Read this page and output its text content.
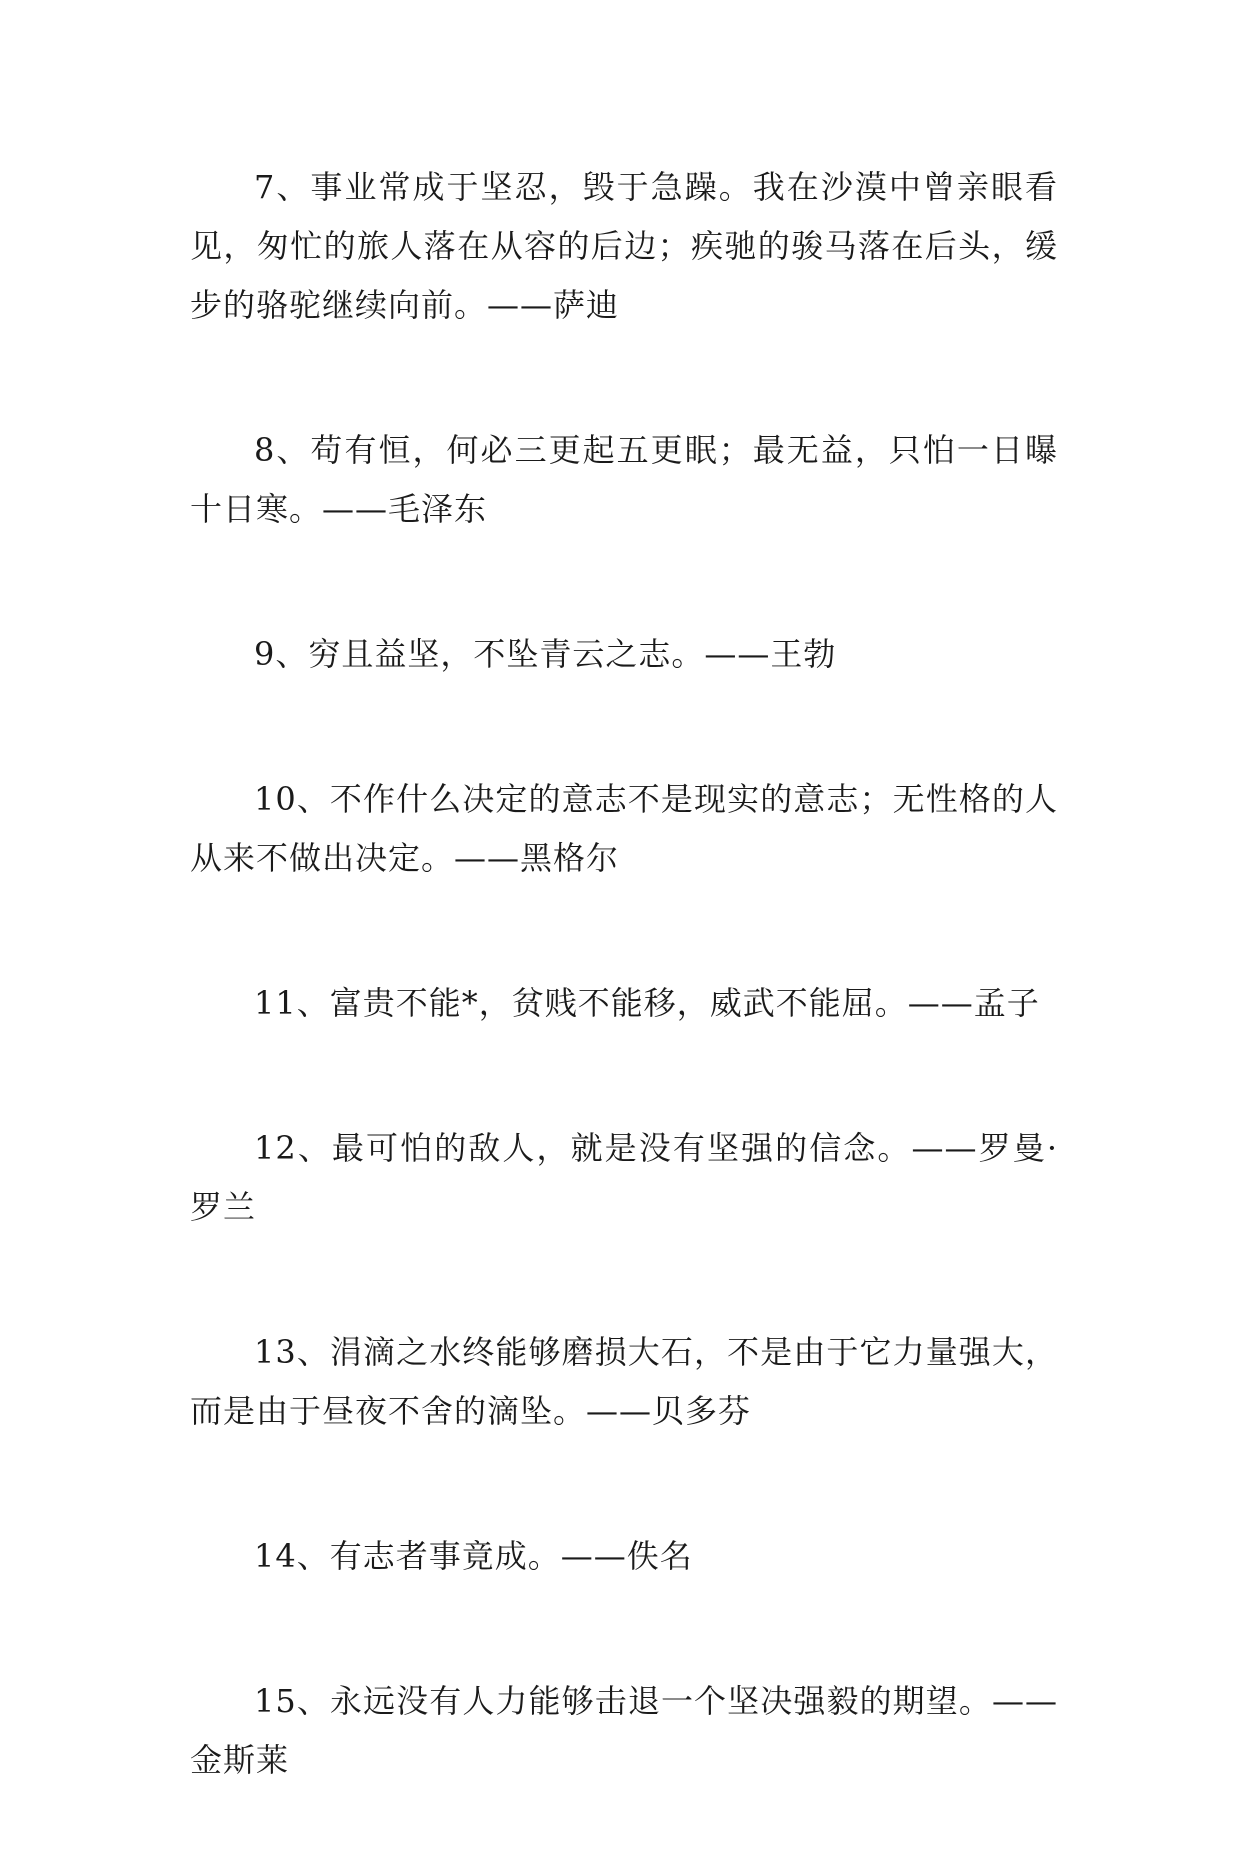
7、事业常成于坚忍，毁于急躁。我在沙漠中曾亲眼看见，匆忙的旅人落在从容的后边；疾驰的骏马落在后头，缓步的骆驼继续向前。——萨迪
8、苟有恒，何必三更起五更眠；最无益，只怕一日曝十日寒。——毛泽东
9、穷且益坚，不坠青云之志。——王勃
10、不作什么决定的意志不是现实的意志；无性格的人从来不做出决定。——黑格尔
11、富贵不能*，贫贱不能移，威武不能屈。——孟子
12、最可怕的敌人，就是没有坚强的信念。——罗曼·罗兰
13、涓滴之水终能够磨损大石，不是由于它力量强大，而是由于昼夜不舍的滴坠。——贝多芬
14、有志者事竟成。——佚名
15、永远没有人力能够击退一个坚决强毅的期望。——金斯莱
